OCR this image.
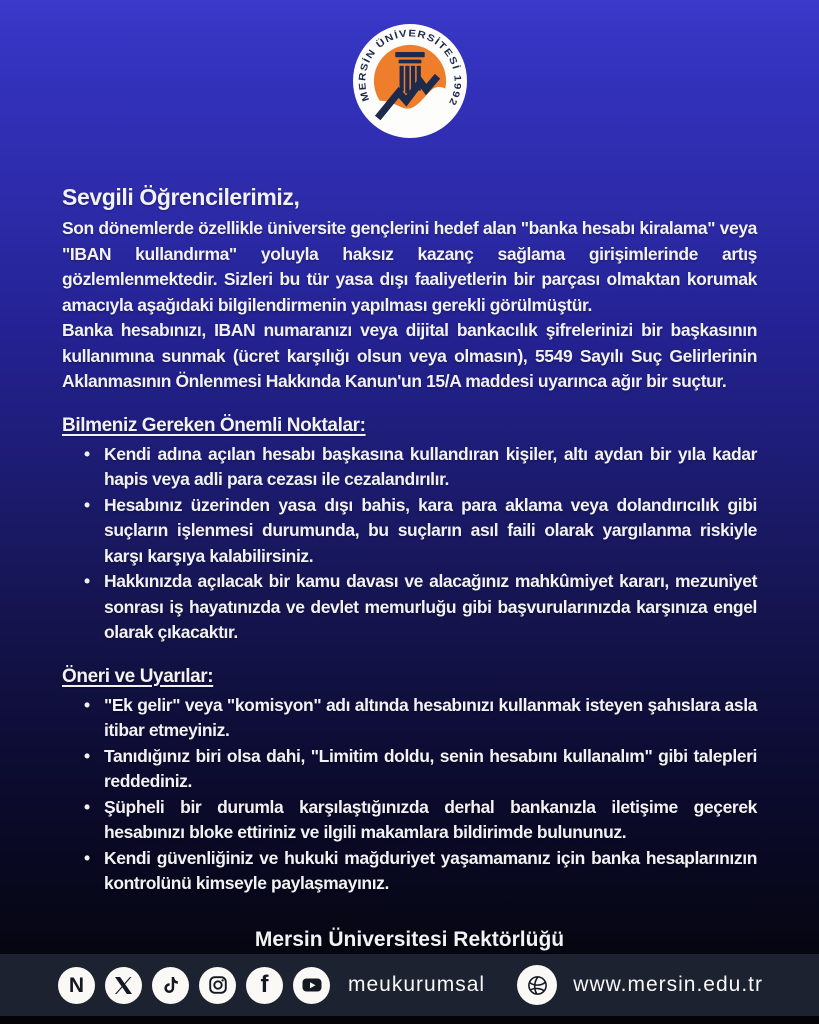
MERSİN ÜNİVERSİTESİ 1992
Sevgili Öğrencilerimiz,

Son dönemlerde özellikle üniversite gençlerini hedef alan "banka hesabı kiralama" veya "IBAN kullandırma" yoluyla haksız kazanç sağlama girişimlerinde artış gözlemlenmektedir. Sizleri bu tür yasa dışı faaliyetlerin bir parçası olmaktan korumak amacıyla aşağıdaki bilgilendirmenin yapılması gerekli görülmüştür.

Banka hesabınızı, IBAN numaranızı veya dijital bankacılık şifrelerinizi bir başkasının kullanımına sunmak (ücret karşılığı olsun veya olmasın), 5549 Sayılı Suç Gelirlerinin Aklanmasının Önlenmesi Hakkında Kanun'un 15/A maddesi uyarınca ağır bir suçtur.

Bilmeniz Gereken Önemli Noktalar:
• Kendi adına açılan hesabı başkasına kullandıran kişiler, altı aydan bir yıla kadar hapis veya adli para cezası ile cezalandırılır.
• Hesabınız üzerinden yasa dışı bahis, kara para aklama veya dolandırıcılık gibi suçların işlenmesi durumunda, bu suçların asıl faili olarak yargılanma riskiyle karşı karşıya kalabilirsiniz.
• Hakkınızda açılacak bir kamu davası ve alacağınız mahkûmiyet kararı, mezuniyet sonrası iş hayatınızda ve devlet memurluğu gibi başvurularınızda karşınıza engel olarak çıkacaktır.
Öneri ve Uyarılar:
• "Ek gelir" veya "komisyon" adı altında hesabınızı kullanmak isteyen şahıslara asla itibar etmeyiniz.
• Tanıdığınız biri olsa dahi, "Limitim doldu, senin hesabını kullanalım" gibi talepleri reddediniz.
• Şüpheli bir durumla karşılaştığınızda derhal bankanızla iletişime geçerek hesabınızı bloke ettiriniz ve ilgili makamlara bildirimde bulununuz.
• Kendi güvenliğiniz ve hukuki mağduriyet yaşamamanız için banka hesaplarınızın kontrolünü kimseyle paylaşmayınız.
Mersin Üniversitesi Rektörlüğü
N	f	meukurumsal	www.mersin.edu.tr
